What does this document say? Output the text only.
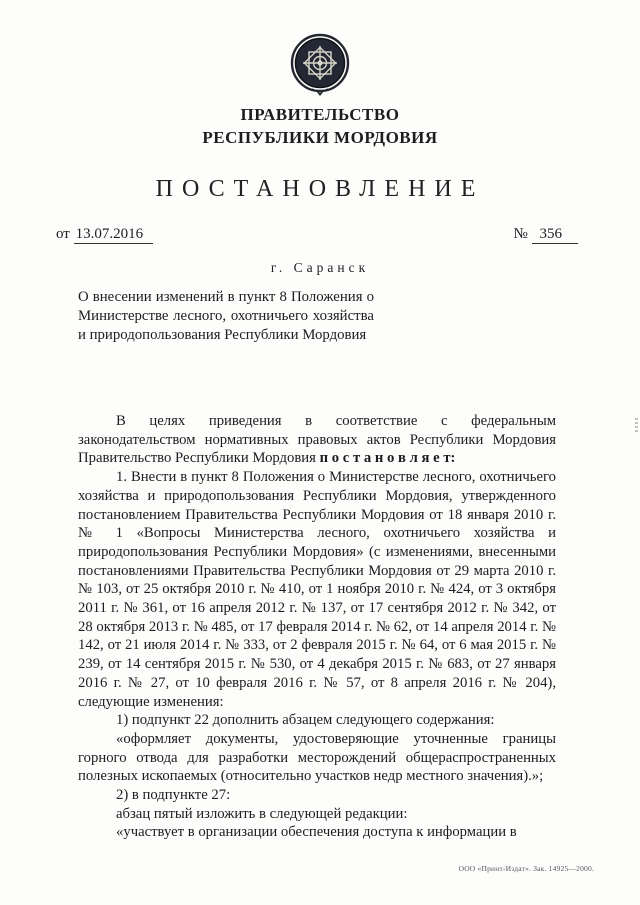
ПРАВИТЕЛЬСТВО
РЕСПУБЛИКИ МОРДОВИЯ
ПОСТАНОВЛЕНИЕ
от 13.07.2016	№ 356
г. Саранск
О внесении изменений в пункт 8 Положения о Министерстве лесного, охотничьего хозяйства и природопользования Республики Мордовия

В целях приведения в соответствие с федеральным законодательством нормативных правовых актов Республики Мордовия Правительство Республики Мордовия п о с т а н о в л я е т:

1. Внести в пункт 8 Положения о Министерстве лесного, охотничьего хозяйства и природопользования Республики Мордовия, утвержденного постановлением Правительства Республики Мордовия от 18 января 2010 г. № 1 «Вопросы Министерства лесного, охотничьего хозяйства и природопользования Республики Мордовия» (с изменениями, внесенными постановлениями Правительства Республики Мордовия от 29 марта 2010 г. № 103, от 25 октября 2010 г. № 410, от 1 ноября 2010 г. № 424, от 3 октября 2011 г. № 361, от 16 апреля 2012 г. № 137, от 17 сентября 2012 г. № 342, от 28 октября 2013 г. № 485, от 17 февраля 2014 г. № 62, от 14 апреля 2014 г. № 142, от 21 июля 2014 г. № 333, от 2 февраля 2015 г. № 64, от 6 мая 2015 г. № 239, от 14 сентября 2015 г. № 530, от 4 декабря 2015 г. № 683, от 27 января 2016 г. № 27, от 10 февраля 2016 г. № 57, от 8 апреля 2016 г. № 204), следующие изменения:

1) подпункт 22 дополнить абзацем следующего содержания:

«оформляет документы, удостоверяющие уточненные границы горного отвода для разработки месторождений общераспространенных полезных ископаемых (относительно участков недр местного значения).»;

2) в подпункте 27:

абзац пятый изложить в следующей редакции:

«участвует в организации обеспечения доступа к информации в

ООО «Принт-Издат». Зак. 14925—2000.
